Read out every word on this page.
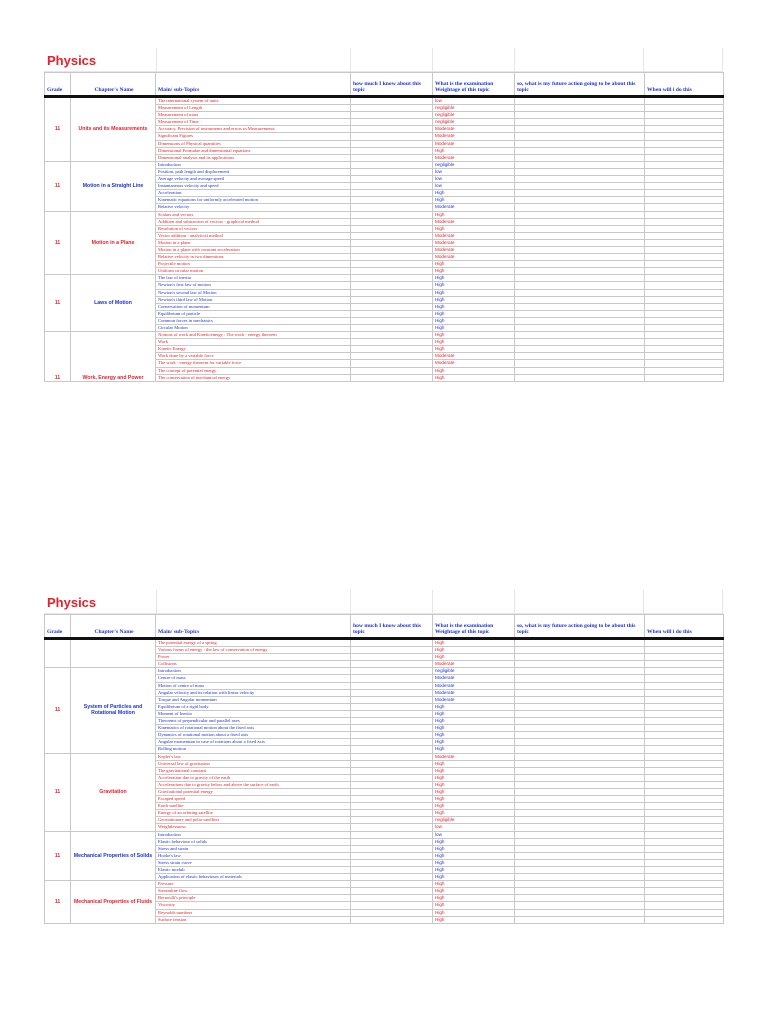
Physics
Grade	Chapter's Name	Main/ sub-Topics	how much I know about this topic	What is the examination Weightage of this topic	so, what is my future action going to be about this topic	When will i do this
11	Units and its Measurements	The international system of units		low		
		Measurement of Length		negligible		
		Measurement of mass		negligible		
		Measurement of Time		negligible		
		Accuracy, Precision of instruments and errors in Measurements		Moderate		
		Significant Figures		Moderate		
		Dimensions of Physical quantities		Moderate		
		Dimensional Formulae and dimensional equations		High		
		Dimensional analysis and its applications		Moderate		
11	Motion in a Straight Line	Introduction		negligible		
		Position, path length and displacement		low		
		Average velocity and average speed		low		
		Instantaneous velocity and speed		low		
		Acceleration		High		
		Kinematic equations for uniformly accelerated motion		High		
		Relative velocity		Moderate		
11	Motion in a Plane	Scalars and vectors		High		
		Addition and subtraction of vectors - graphical method		Moderate		
		Resolution of vectors		High		
		Vector addition - analytical method		Moderate		
		Motion in a plane		Moderate		
		Motion in a plane with constant acceleration		Moderate		
		Relative velocity in two dimentions		Moderate		
		Projectile motion		High		
		Uniform circular motion		High		
11	Laws of Motion	The law of inertia		High		
		Newton's first law of motion		High		
		Newton's second law of Motion		High		
		Newton's third law of Motion		High		
		Conservation of momentum		High		
		Equilibrium of particle		High		
		Common forces in mechanics		High		
		Circular Motion		High		
11	Work, Energy and Power	Notions of work and Kineticenergy : The work - energy theorem		High		
		Work		High		
		Kinetic Energy		High		
		Work done by a variable force		Moderate		
		The work - energy theorem for variable force		Moderate		
		The concept of potential energy		High		
		The conservation of mechanical energy		High		
Physics
Grade	Chapter's Name	Main/ sub-Topics	how much I know about this topic	What is the examination Weightage of this topic	so, what is my future action going to be about this topic	When will i do this
		The potential energy of a spring		High		
		Various forms of energy : the law of conservation of energy		High		
		Power		High		
		Collisions		Moderate		
11	System of Particles and Rotational Motion	Introduction		negligible		
		Centre of mass		Moderate		
		Motion of centre of mass		Moderate		
		Angular velocity and its relation with linear velocity		Moderate		
		Torque and Angular momentum		Moderate		
		Equilibrium of a rigid body		High		
		Moment of Inertia		High		
		Theorems of perpendicular and parallel axes		High		
		Kinematics of rotational motion about the fixed axis		High		
		Dynamics of rotational motion about a fixed axis		High		
		Angular momentum in case of rotations about a fixed axis		High		
		Rolling motion		High		
11	Gravitation	Kepler's law		Moderate		
		Universal law of gravitation		High		
		The gravitational constant		High		
		Acceleration due to gravity of the earth		High		
		Accelerations due to gravity below and above the surface of earth		High		
		Gravitational potential energy		High		
		Escaped speed		High		
		Earth satellite		High		
		Energy of an orbiting satellite		High		
		Geostationary and polar satellites		negligible		
		Weightlessness		low		
11	Mechanical Properties of Solids	Introduction		low		
		Elastic behaviour of solids		High		
		Stress and strain		High		
		Hooke's law		High		
		Stress strain curve		High		
		Elastic moduli		High		
		Application of elastic behaviours of materials		High		
11	Mechanical Properties of Fluids	Pressure		High		
		Streamline flow		High		
		Bernoulli's principle		High		
		Viscosity		High		
		Reynolds numbers		High		
		Surface tension		High		
